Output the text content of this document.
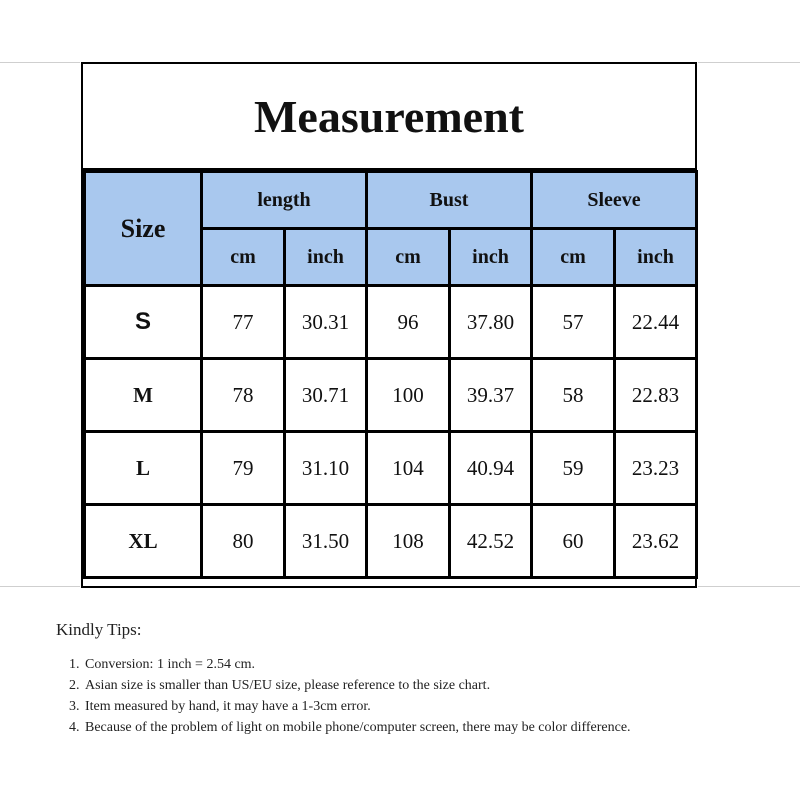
Measurement
Size	length		Bust		Sleeve	
	cm	inch	cm	inch	cm	inch
S	77	30.31	96	37.80	57	22.44
M	78	30.71	100	39.37	58	22.83
L	79	31.10	104	40.94	59	23.23
XL	80	31.50	108	42.52	60	23.62
Kindly Tips:
1. Conversion: 1 inch = 2.54 cm.
2. Asian size is smaller than US/EU size, please reference to the size chart.
3. Item measured by hand, it may have a 1-3cm error.
4. Because of the problem of light on mobile phone/computer screen, there may be color difference.
